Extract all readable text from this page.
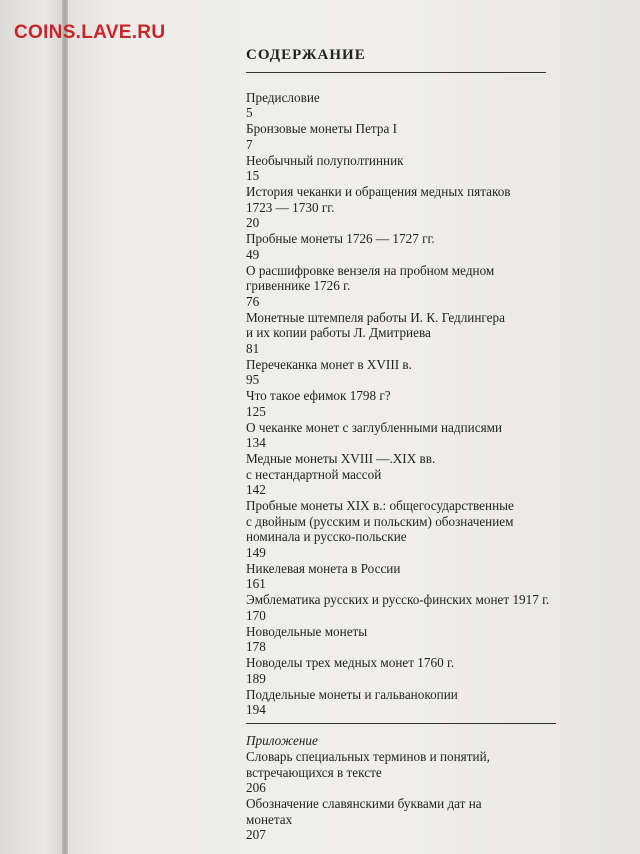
COINS.LAVE.RU
СОДЕРЖАНИЕ
Предисловие
5
Бронзовые монеты Петра I
7
Необычный полуполтинник
15
История чеканки и обращения медных пятаков
1723 — 1730 гг.
20
Пробные монеты 1726 — 1727 гг.
49
О расшифровке вензеля на пробном медном
гривеннике 1726 г.
76
Монетные штемпеля работы И. К. Гедлингера
и их копии работы Л. Дмитриева
81
Перечеканка монет в XVIII в.
95
Что такое ефимок 1798 г?
125
О чеканке монет с заглубленными надписями
134
Медные монеты XVIII —.XIX вв.
с нестандартной массой
142
Пробные монеты XIX в.: общегосударственные
с двойным (русским и польским) обозначением
номинала и русско-польские
149
Никелевая монета в России
161
Эмблематика русских и русско-финских монет 1917 г.
170
Новодельные монеты
178
Новоделы трех медных монет 1760 г.
189
Поддельные монеты и гальванокопии
194
Приложение
Словарь специальных терминов и понятий,
встречающихся в тексте
206
Обозначение славянскими буквами дат на
монетах
207
